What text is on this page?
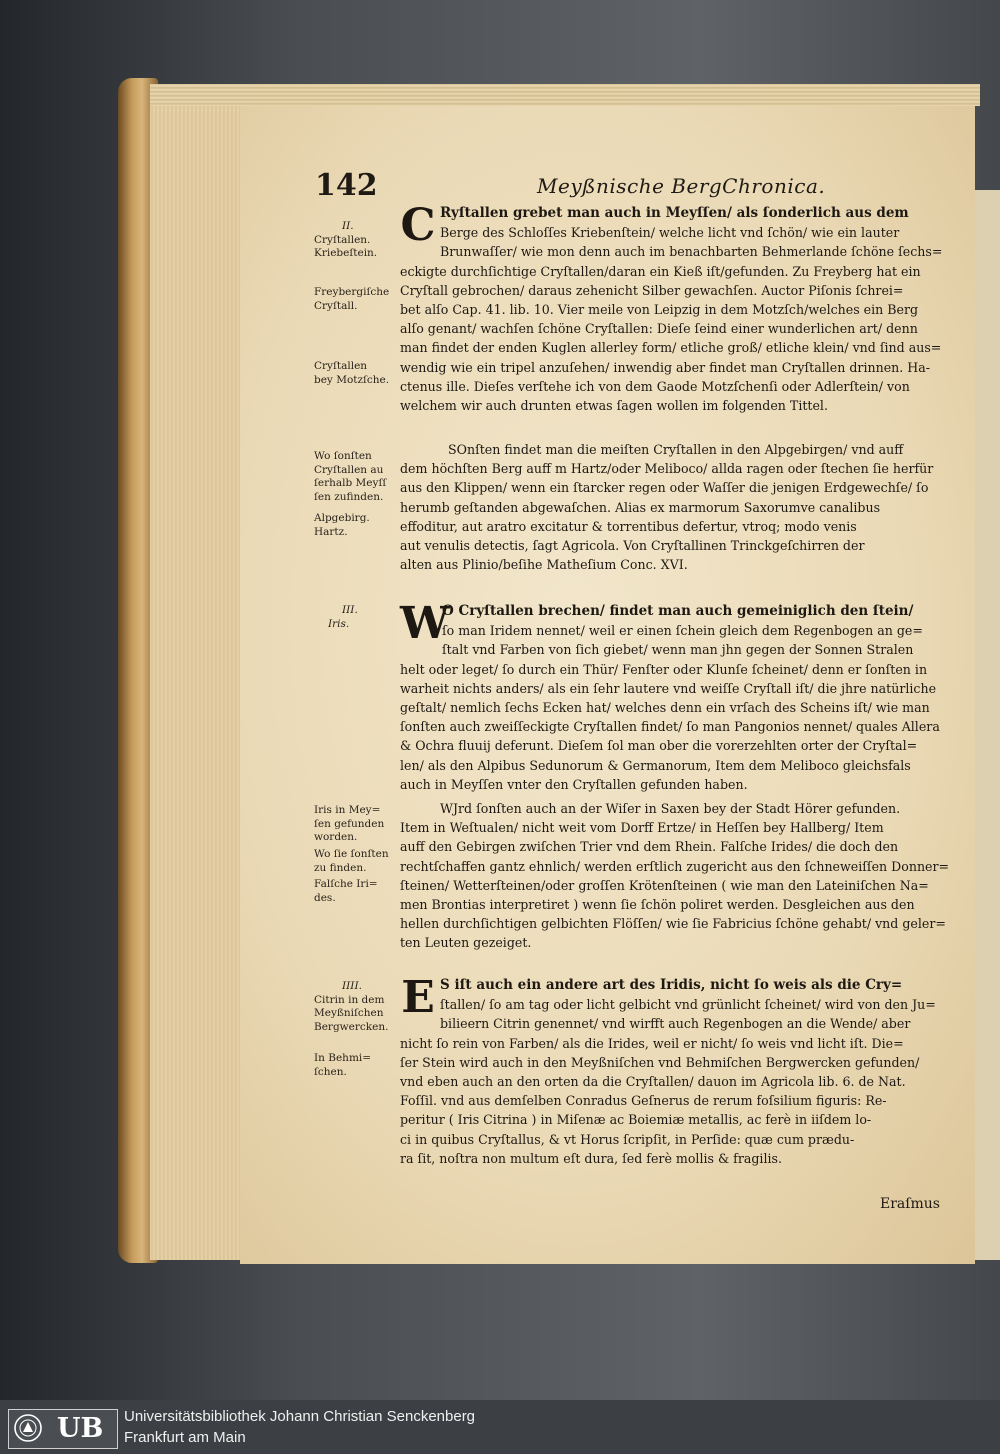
142	Meyßnische BergChronica.
II.
Cryſtallen.
Kriebeſtein.
Freybergiſche
Cryſtall.
Cryſtallen
bey Motzſche.
Wo ſonſten
Cryſtallen au
ſerhalb Meyſſ
ſen zufinden.
Alpgebirg.
Hartz.
III.
Iris.
Iris in Mey=
ſen gefunden
worden.
Wo ſie ſonſten
zu finden.
Falſche Iri=
des.
IIII.
Citrin in dem
Meyßniſchen
Bergwercken.
In Behmi=
ſchen.
C Ryſtallen grebet man auch in Meyſſen/ als ſonderlich aus dem
Berge des Schloſſes Kriebenſtein/ welche licht vnd ſchön/ wie ein lauter
Brunwaſſer/ wie mon denn auch im benachbarten Behmerlande ſchöne ſechs=
eckigte durchſichtige Cryſtallen/daran ein Kieß iſt/gefunden. Zu Freyberg hat ein
Cryſtall gebrochen/ daraus zehenicht Silber gewachſen. Auctor Piſonis ſchrei=
bet alſo Cap. 41. lib. 10. Vier meile von Leipzig in dem Motzſch/welches ein Berg
alſo genant/ wachſen ſchöne Cryſtallen: Dieſe ſeind einer wunderlichen art/ denn
man findet der enden Kuglen allerley form/ etliche groß/ etliche klein/ vnd ſind aus=
wendig wie ein tripel anzuſehen/ inwendig aber findet man Cryſtallen drinnen. Ha-
ctenus ille. Dieſes verſtehe ich von dem Gaode Motzſchenſi oder Adlerſtein/ von
welchem wir auch drunten etwas ſagen wollen im folgenden Tittel.
SOnſten findet man die meiſten Cryſtallen in den Alpgebirgen/ vnd auff
dem höchſten Berg auff m Hartz/oder Meliboco/ allda ragen oder ſtechen ſie herfür
aus den Klippen/ wenn ein ſtarcker regen oder Waſſer die jenigen Erdgewechſe/ ſo
herumb geſtanden abgewaſchen. Alias ex marmorum Saxorumve canalibus
effoditur, aut aratro excitatur & torrentibus defertur, vtroq; modo venis
aut venulis detectis, ſagt Agricola. Von Cryſtallinen Trinckgeſchirren der
alten aus Plinio/beſihe Matheſium Conc. XVI.
W
O Cryſtallen brechen/ findet man auch gemeiniglich den ſtein/
ſo man Iridem nennet/ weil er einen ſchein gleich dem Regenbogen an ge=
ſtalt vnd Farben von ſich giebet/ wenn man jhn gegen der Sonnen Stralen
helt oder leget/ ſo durch ein Thür/ Fenſter oder Klunſe ſcheinet/ denn er ſonſten in
warheit nichts anders/ als ein ſehr lautere vnd weiſſe Cryſtall iſt/ die jhre natürliche
geſtalt/ nemlich ſechs Ecken hat/ welches denn ein vrſach des Scheins iſt/ wie man
ſonſten auch zweiſſeckigte Cryſtallen findet/ ſo man Pangonios nennet/ quales Allera
& Ochra fluuij deferunt. Dieſem ſol man ober die vorerzehlten orter der Cryſtal=
len/ als den Alpibus Sedunorum & Germanorum, Item dem Meliboco gleichsfals
auch in Meyſſen vnter den Cryſtallen gefunden haben.
WJrd ſonſten auch an der Wiſer in Saxen bey der Stadt Hörer gefunden.
Item in Weſtualen/ nicht weit vom Dorff Ertze/ in Heſſen bey Hallberg/ Item
auff den Gebirgen zwiſchen Trier vnd dem Rhein. Falſche Irides/ die doch den
rechtſchaffen gantz ehnlich/ werden erſtlich zugericht aus den ſchneweiſſen Donner=
ſteinen/ Wetterſteinen/oder groſſen Krötenſteinen ( wie man den Lateiniſchen Na=
men Brontias interpretiret ) wenn ſie ſchön poliret werden. Desgleichen aus den
hellen durchſichtigen gelbichten Flöſſen/ wie ſie Fabricius ſchöne gehabt/ vnd geler=
ten Leuten gezeiget.
E S iſt auch ein andere art des Iridis, nicht ſo weis als die Cry=
ſtallen/ ſo am tag oder licht gelbicht vnd grünlicht ſcheinet/ wird von den Ju=
bilieern Citrin genennet/ vnd wirfft auch Regenbogen an die Wende/ aber
nicht ſo rein von Farben/ als die Irides, weil er nicht/ ſo weis vnd licht iſt. Die=
ſer Stein wird auch in den Meyßniſchen vnd Behmiſchen Bergwercken gefunden/
vnd eben auch an den orten da die Cryſtallen/ dauon im Agricola lib. 6. de Nat.
Foſſil. vnd aus demſelben Conradus Geſnerus de rerum foſsilium figuris: Re-
peritur ( Iris Citrina ) in Miſenæ ac Boiemiæ metallis, ac ferè in iiſdem lo-
ci in quibus Cryſtallus, & vt Horus ſcripſit, in Perſide: quæ cum prædu-
ra ſit, noſtra non multum eſt dura, ſed ferè mollis & fragilis.
Eraſmus
UB Universitätsbibliothek Johann Christian Senckenberg
Frankfurt am Main
